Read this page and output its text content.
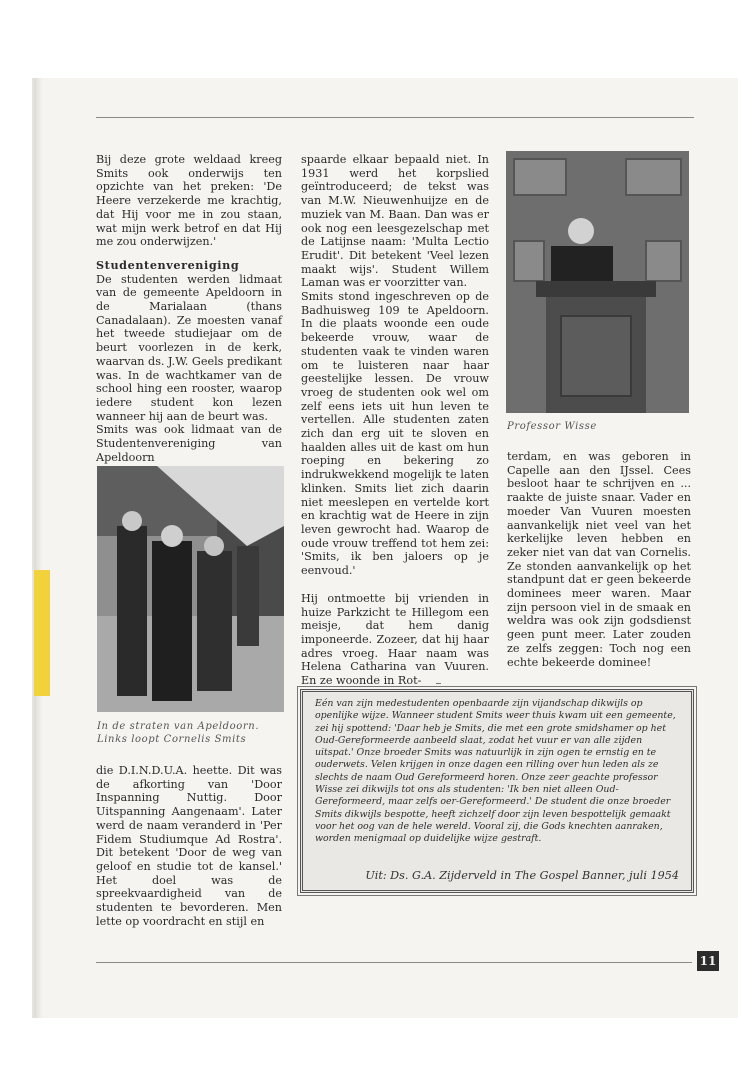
Bij deze grote weldaad kreeg Smits ook onderwijs ten opzichte van het preken: 'De Heere verzekerde me krachtig, dat Hij voor me in zou staan, wat mijn werk betrof en dat Hij me zou onderwijzen.'

Studentenvereniging

De studenten werden lidmaat van de gemeente Apeldoorn in de Marialaan (thans Canadalaan). Ze moesten vanaf het tweede studiejaar om de beurt voorlezen in de kerk, waarvan ds. J.W. Geels predikant was. In de wachtkamer van de school hing een rooster, waarop iedere student kon lezen wanneer hij aan de beurt was.

Smits was ook lidmaat van de Studentenvereniging van Apeldoorn

In de straten van Apeldoorn. Links loopt Cornelis Smits

die D.I.N.D.U.A. heette. Dit was de afkorting van 'Door Inspanning Nuttig. Door Uitspanning Aangenaam'. Later werd de naam veranderd in 'Per Fidem Studiumque Ad Rostra'. Dit betekent 'Door de weg van geloof en studie tot de kansel.' Het doel was de spreekvaardigheid van de studenten te bevorderen. Men lette op voordracht en stijl en

spaarde elkaar bepaald niet. In 1931 werd het korpslied geïntroduceerd; de tekst was van M.W. Nieuwenhuijze en de muziek van M. Baan. Dan was er ook nog een leesgezelschap met de Latijnse naam: 'Multa Lectio Erudit'. Dit betekent 'Veel lezen maakt wijs'. Student Willem Laman was er voorzitter van.

Smits stond ingeschreven op de Badhuisweg 109 te Apeldoorn. In die plaats woonde een oude bekeerde vrouw, waar de studenten vaak te vinden waren om te luisteren naar haar geestelijke lessen. De vrouw vroeg de studenten ook wel om zelf eens iets uit hun leven te vertellen. Alle studenten zaten zich dan erg uit te sloven en haalden alles uit de kast om hun roeping en bekering zo indrukwekkend mogelijk te laten klinken. Smits liet zich daarin niet meeslepen en vertelde kort en krachtig wat de Heere in zijn leven gewrocht had. Waarop de oude vrouw treffend tot hem zei: 'Smits, ik ben jaloers op je eenvoud.'

Hij ontmoette bij vrienden in huize Parkzicht te Hillegom een meisje, dat hem danig imponeerde. Zozeer, dat hij haar adres vroeg. Haar naam was Helena Catharina van Vuuren. En ze woonde in Rot-

Professor Wisse

terdam, en was geboren in Capelle aan den IJssel. Cees besloot haar te schrijven en ... raakte de juiste snaar. Vader en moeder Van Vuuren moesten aanvankelijk niet veel van het kerkelijke leven hebben en zeker niet van dat van Cornelis. Ze stonden aanvankelijk op het standpunt dat er geen bekeerde dominees meer waren. Maar zijn persoon viel in de smaak en weldra was ook zijn godsdienst geen punt meer. Later zouden ze zelfs zeggen: Toch nog een echte bekeerde dominee!

Eén van zijn medestudenten openbaarde zijn vijandschap dikwijls op openlijke wijze. Wanneer student Smits weer thuis kwam uit een gemeente, zei hij spottend: 'Daar heb je Smits, die met een grote smidshamer op het Oud-Gereformeerde aanbeeld slaat, zodat het vuur er van alle zijden uitspat.' Onze broeder Smits was natuurlijk in zijn ogen te ernstig en te ouderwets. Velen krijgen in onze dagen een rilling over hun leden als ze slechts de naam Oud Gereformeerd horen. Onze zeer geachte professor Wisse zei dikwijls tot ons als studenten: 'Ik ben niet alleen Oud-Gereformeerd, maar zelfs oer-Gereformeerd.' De student die onze broeder Smits dikwijls bespotte, heeft zichzelf door zijn leven bespottelijk gemaakt voor het oog van de hele wereld. Vooral zij, die Gods knechten aanraken, worden menigmaal op duidelijke wijze gestraft.
Uit: Ds. G.A. Zijderveld in The Gospel Banner, juli 1954
11
